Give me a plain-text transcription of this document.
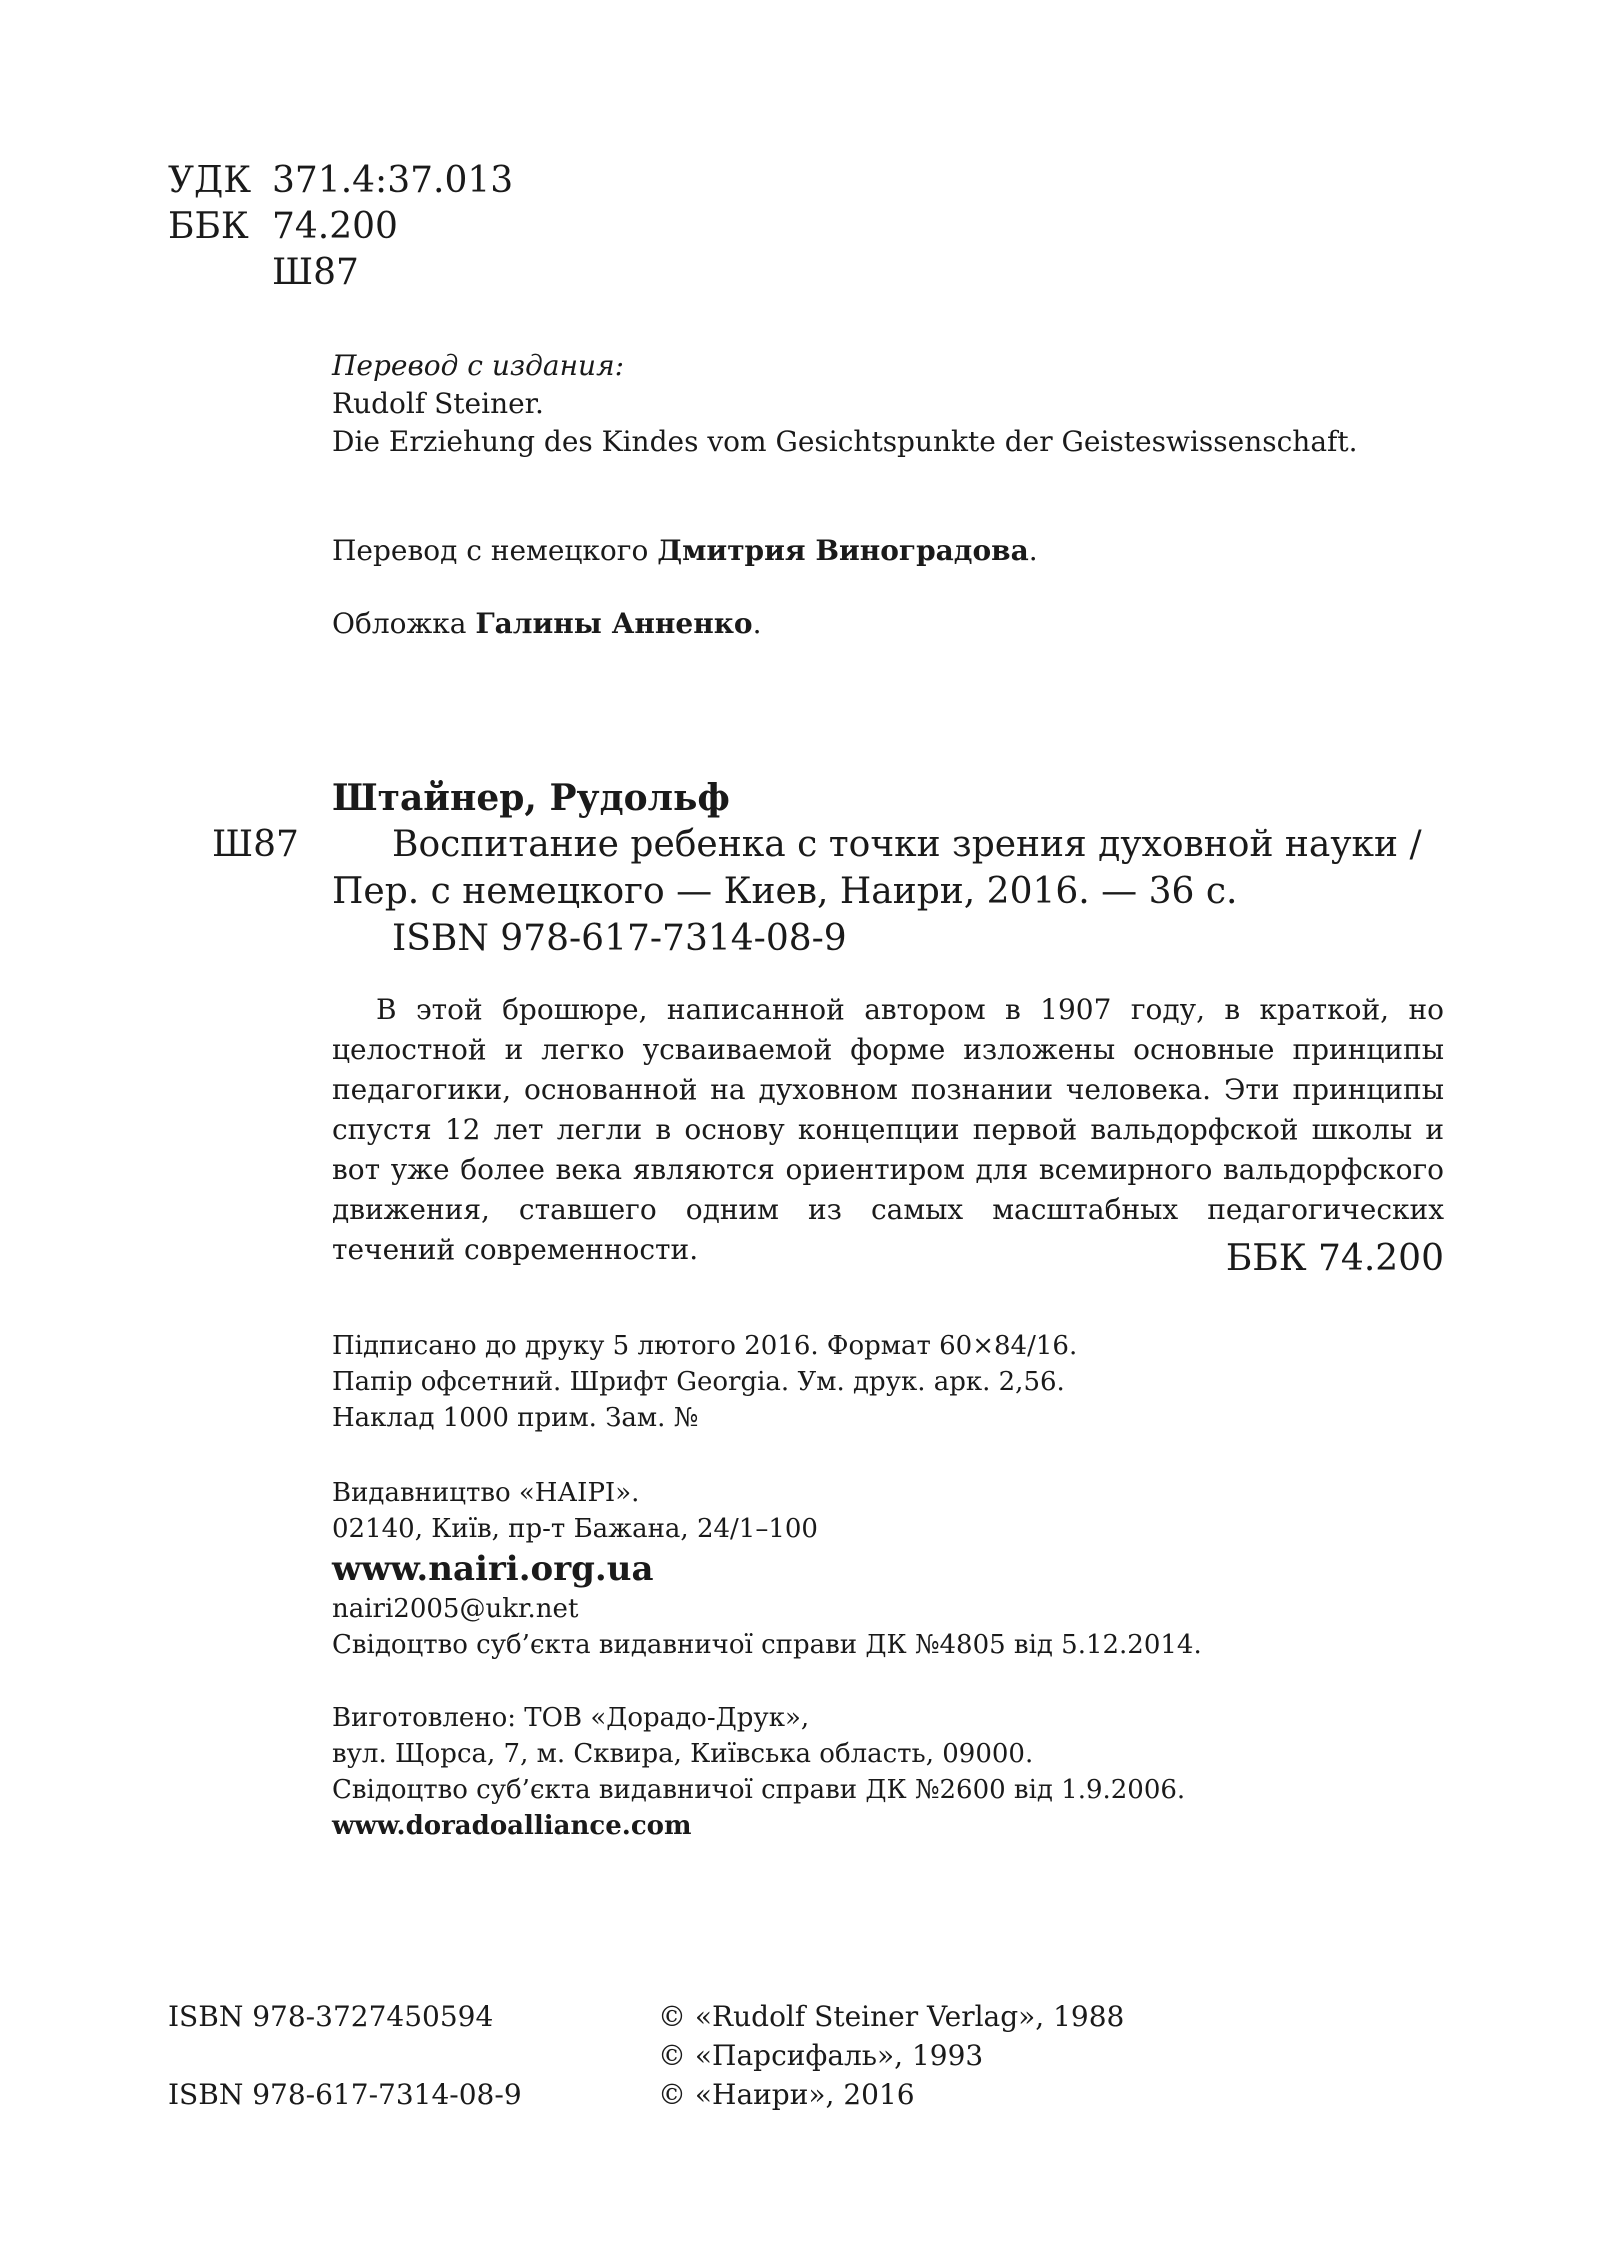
УДК 371.4:37.013
ББК 74.200
Ш87
Перевод с издания:
Rudolf Steiner.
Die Erziehung des Kindes vom Gesichtspunkte der Geisteswissenschaft.
Перевод с немецкого Дмитрия Виноградова.
Обложка Галины Анненко.
Штайнер, Рудольф
Ш87	Воспитание ребенка с точки зрения духовной науки /
Пер. с немецкого — Киев, Наири, 2016. — 36 с.
ISBN 978-617-7314-08-9

В этой брошюре, написанной автором в 1907 году, в краткой, но целостной и легко усваиваемой форме изложены основные принципы педагогики, основанной на духовном познании человека. Эти принципы спустя 12 лет легли в основу концепции первой вальдорфской школы и вот уже более века являются ориентиром для всемирного вальдорфского движения, ставшего одним из самых масштабных педагогических течений современности.	ББК 74.200
Підписано до друку 5 лютого 2016. Формат 60×84/16.
Папір офсетний. Шрифт Georgia. Ум. друк. арк. 2,56.
Наклад 1000 прим. Зам. №
Видавництво «НАІРІ».
02140, Київ, пр-т Бажана, 24/1–100
www.nairi.org.ua
nairi2005@ukr.net
Свідоцтво суб’єкта видавничої справи ДК №4805 від 5.12.2014.
Виготовлено: ТОВ «Дорадо-Друк»,
вул. Щорса, 7, м. Сквира, Київська область, 09000.
Свідоцтво суб’єкта видавничої справи ДК №2600 від 1.9.2006.
www.doradoalliance.com
ISBN 978-3727450594
ISBN 978-617-7314-08-9
© «Rudolf Steiner Verlag», 1988
© «Парсифаль», 1993
© «Наири», 2016
